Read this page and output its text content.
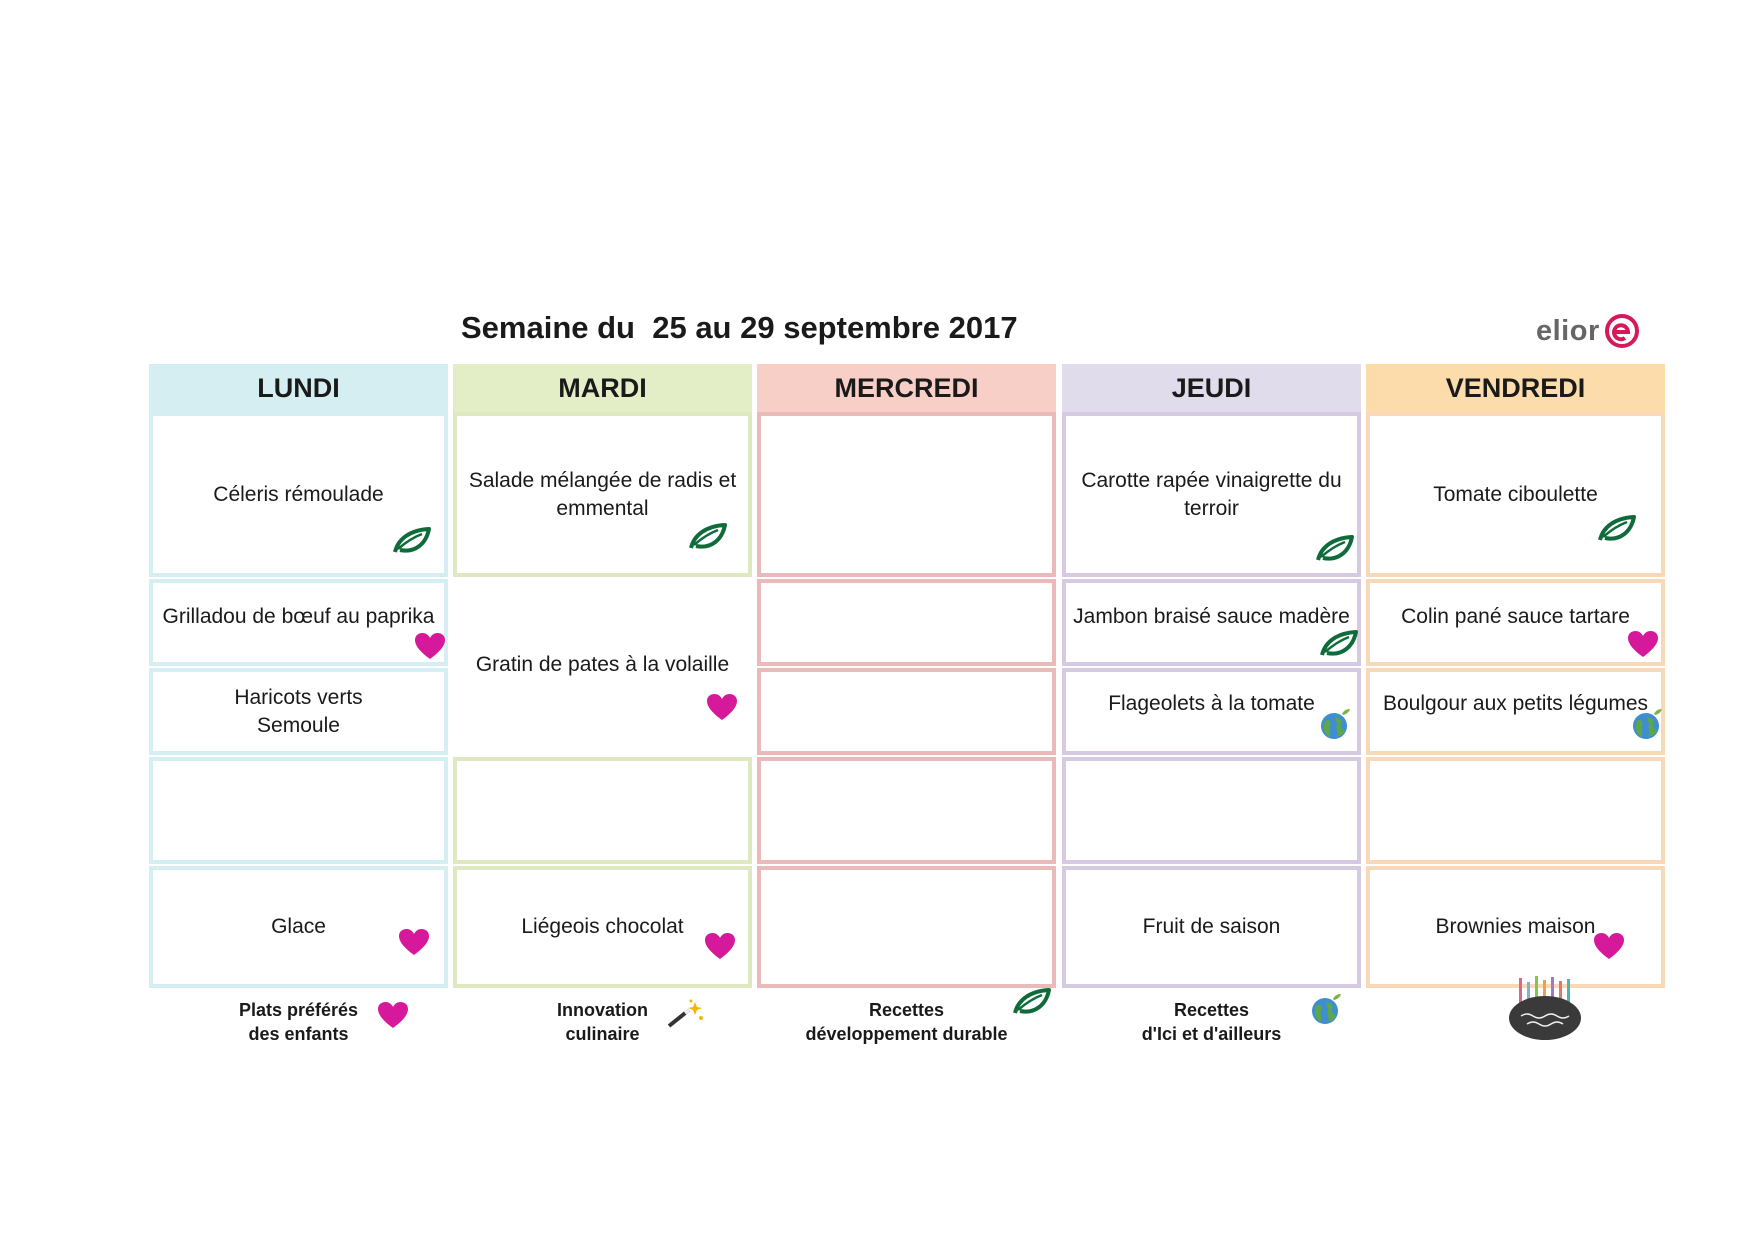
Semaine du  25 au 29 septembre 2017	elior
LUNDI
Céleris rémoulade
Grilladou de bœuf au paprika
Haricots verts
Semoule
Glace
MARDI
Salade mélangée de radis et emmental
Gratin de pates à la volaille
Liégeois chocolat
MERCREDI	JEUDI
Carotte rapée vinaigrette du terroir
Jambon braisé sauce madère
Flageolets à la tomate
Fruit de saison
VENDREDI
Tomate ciboulette
Colin pané sauce tartare
Boulgour aux petits légumes
Brownies maison
Plats préférés
des enfants
Innovation
culinaire
Recettes
développement durable
Recettes
d'Ici et d'ailleurs
